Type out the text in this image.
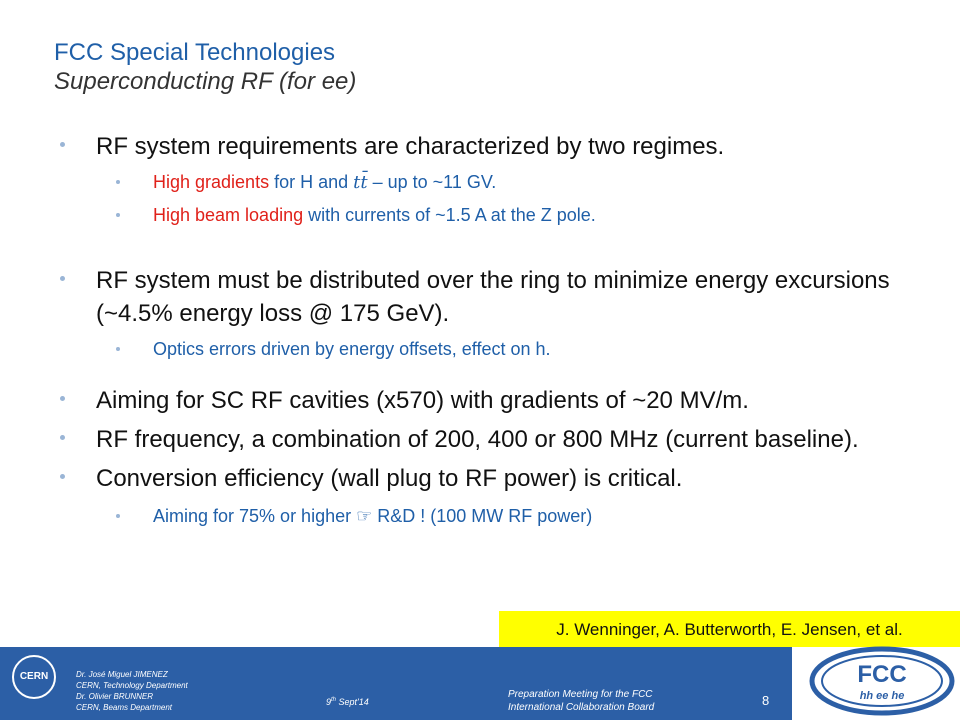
FCC Special Technologies
Superconducting RF (for ee)
RF system requirements are characterized by two regimes.
High gradients for H and tt̄ – up to ~11 GV.
High beam loading with currents of ~1.5 A at the Z pole.
RF system must be distributed over the ring to minimize energy excursions (~4.5% energy loss @ 175 GeV).
Optics errors driven by energy offsets, effect on h.
Aiming for SC RF cavities (x570) with gradients of ~20 MV/m.
RF frequency, a combination of 200, 400 or 800 MHz (current baseline).
Conversion efficiency (wall plug to RF power) is critical.
Aiming for 75% or higher ☞ R&D ! (100 MW RF power)
J. Wenninger, A. Butterworth, E. Jensen, et al.
CERN	Dr. José Miguel JIMENEZ
CERN, Technology Department
Dr. Olivier BRUNNER
CERN, Beams Department
9th Sept'14
Preparation Meeting for the FCC
International Collaboration Board	8
FCC
hh ee he
